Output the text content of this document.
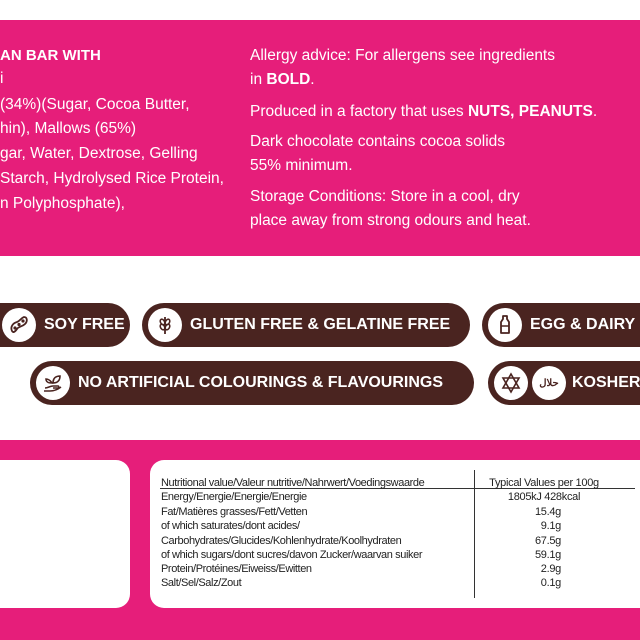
AN BAR WITH
i
(34%)(Sugar, Cocoa Butter,
hin), Mallows (65%)
gar, Water, Dextrose, Gelling
Starch, Hydrolysed Rice Protein,
n Polyphosphate),
Allergy advice: For allergens see ingredients
in BOLD.
Produced in a factory that uses NUTS, PEANUTS.
Dark chocolate contains cocoa solids
55% minimum.
Storage Conditions: Store in a cool, dry
place away from strong odours and heat.
SOY FREE	GLUTEN FREE & GELATINE FREE	EGG & DAIRY
NO ARTIFICIAL COLOURINGS & FLAVOURINGS	حلال KOSHER
Nutritional value/Valeur nutritive/Nahrwert/Voedingswaarde	Typical Values per 100g
Energy/Energie/Energie/Energie	1805kJ 428kcal
Fat/Matières grasses/Fett/Vetten	15.4g
of which saturates/dont acides/	9.1g
Carbohydrates/Glucides/Kohlenhydrate/Koolhydraten	67.5g
of which sugars/dont sucres/davon Zucker/waarvan suiker	59.1g
Protein/Protéines/Eiweiss/Ewitten	2.9g
Salt/Sel/Salz/Zout	0.1g
